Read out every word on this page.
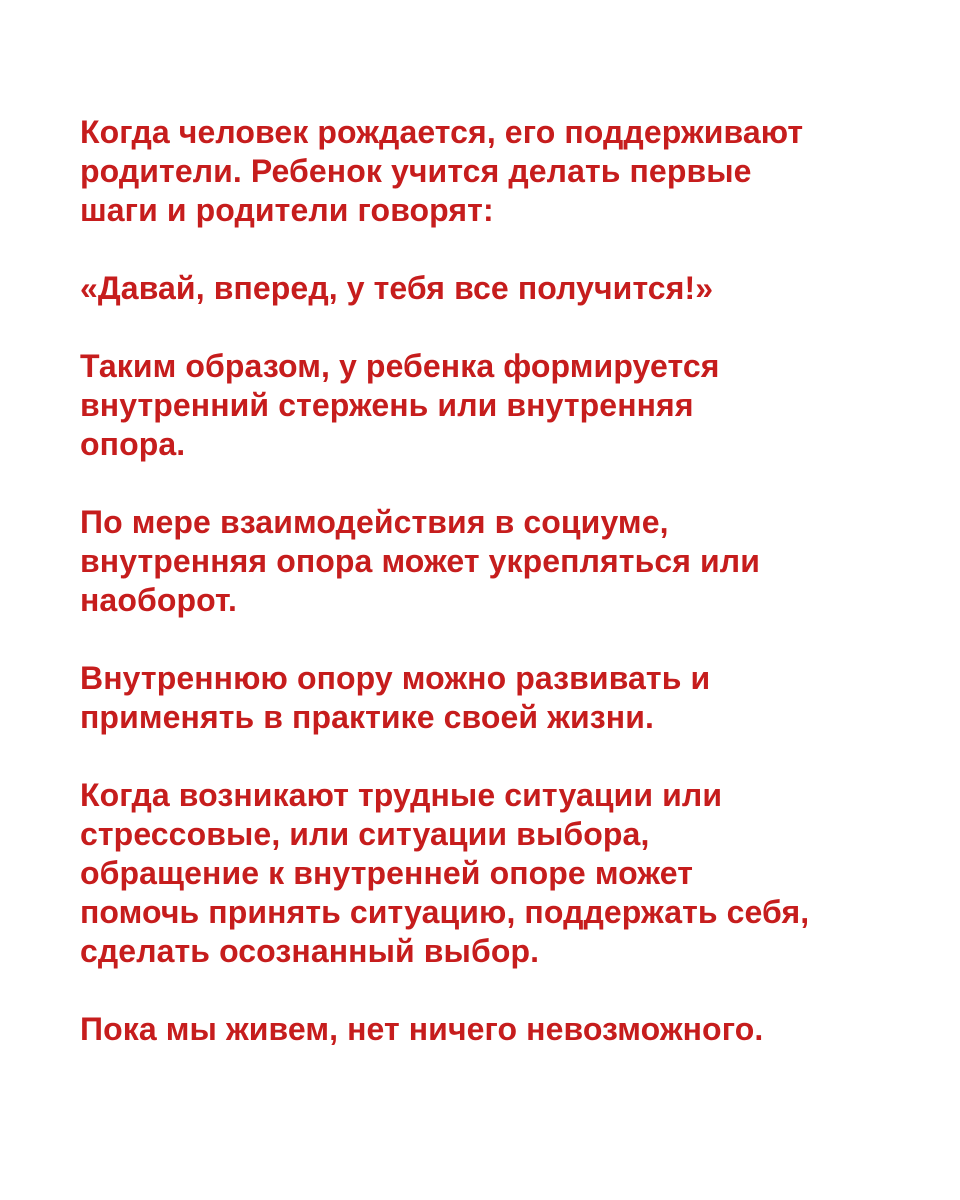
Когда человек рождается, его поддерживают
родители. Ребенок учится делать первые
шаги и родители говорят:

«Давай, вперед, у тебя все получится!»

Таким образом, у ребенка формируется
внутренний стержень или внутренняя
опора.

По мере взаимодействия в социуме,
внутренняя опора может укрепляться или
наоборот.

Внутреннюю опору можно развивать и
применять в практике своей жизни.

Когда возникают трудные ситуации или
стрессовые, или ситуации выбора,
обращение к внутренней опоре может
помочь принять ситуацию, поддержать себя,
сделать осознанный выбор.

Пока мы живем, нет ничего невозможного.
